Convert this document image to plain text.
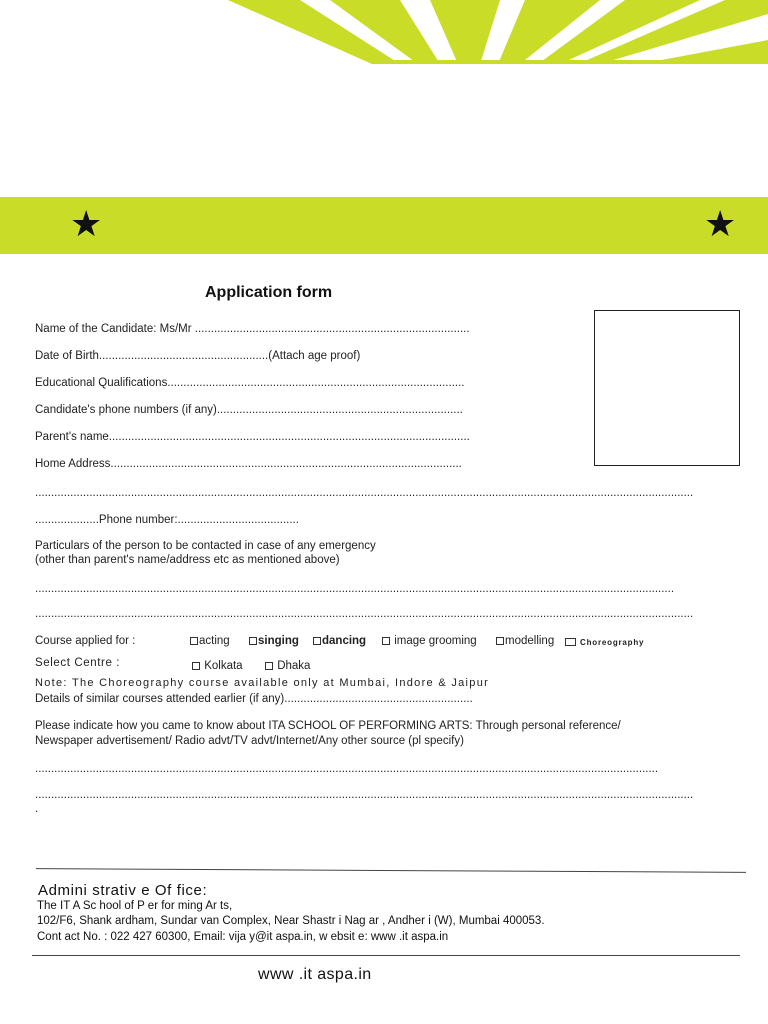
★	★
Application form
Name of the Candidate: Ms/Mr ......................................................................................
Date of Birth.....................................................(Attach age proof)
Educational Qualifications.............................................................................................
Candidate's phone numbers (if any).............................................................................
Parent's name.................................................................................................................
Home Address..............................................................................................................
..............................................................................................................................................................................................................
....................Phone number:......................................
Particulars of the person to be contacted in case of any emergency
(other than parent's name/address etc as mentioned above)
........................................................................................................................................................................................................
..............................................................................................................................................................................................................
Course applied for :	acting	singing	dancing	image grooming	modelling	Choreography
Select Centre :	Kolkata	Dhaka
Note: The Choreography course available only at Mumbai, Indore & Jaipur
Details of similar courses attended earlier (if any)...........................................................
Please indicate how you came to know about ITA SCHOOL OF PERFORMING ARTS: Through personal reference/
Newspaper advertisement/ Radio advt/TV advt/Internet/Any other source (pl specify)
...................................................................................................................................................................................................
..............................................................................................................................................................................................................
.
Admini strativ e Of fice:
The IT A Sc hool of P er for ming Ar ts,
102/F6, Shank ardham, Sundar van Complex, Near Shastr i Nag ar , Andher i (W), Mumbai 400053.
Cont act No. : 022 427 60300, Email: vija y@it aspa.in, w ebsit e: www .it aspa.in
www .it aspa.in
